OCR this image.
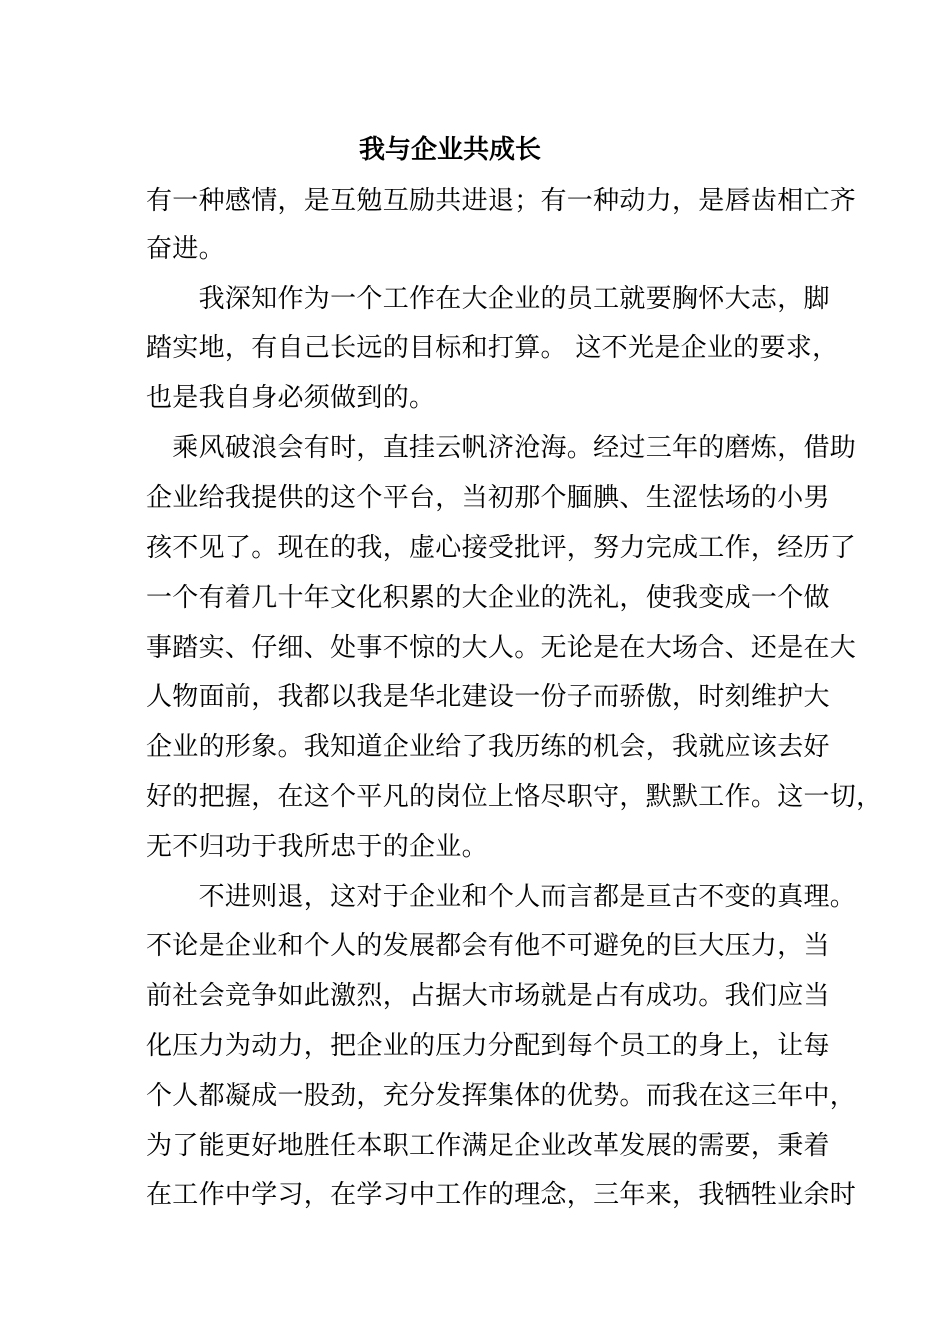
我与企业共成长
有一种感情，是互勉互励共进退；有一种动力，是唇齿相亡齐
奋进。
　　我深知作为一个工作在大企业的员工就要胸怀大志，脚
踏实地，有自己长远的目标和打算。 这不光是企业的要求，
也是我自身必须做到的。
　乘风破浪会有时，直挂云帆济沧海。经过三年的磨炼，借助
企业给我提供的这个平台，当初那个腼腆、生涩怯场的小男
孩不见了。现在的我，虚心接受批评，努力完成工作，经历了
一个有着几十年文化积累的大企业的洗礼，使我变成一个做
事踏实、仔细、处事不惊的大人。无论是在大场合、还是在大
人物面前，我都以我是华北建设一份子而骄傲，时刻维护大
企业的形象。我知道企业给了我历练的机会，我就应该去好
好的把握，在这个平凡的岗位上恪尽职守，默默工作。这一切，
无不归功于我所忠于的企业。
　　不进则退，这对于企业和个人而言都是亘古不变的真理。
不论是企业和个人的发展都会有他不可避免的巨大压力，当
前社会竞争如此激烈，占据大市场就是占有成功。我们应当
化压力为动力，把企业的压力分配到每个员工的身上，让每
个人都凝成一股劲，充分发挥集体的优势。而我在这三年中，
为了能更好地胜任本职工作满足企业改革发展的需要，秉着
在工作中学习，在学习中工作的理念，三年来，我牺牲业余时
